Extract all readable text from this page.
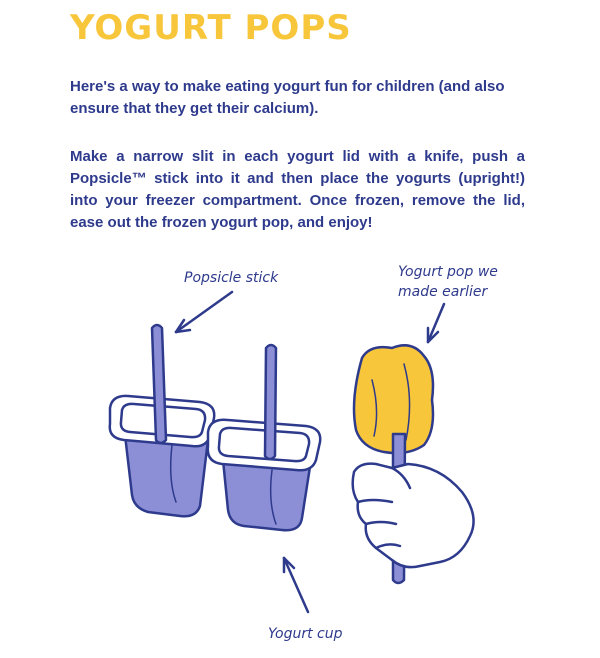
YOGURT POPS

Here's a way to make eating yogurt fun for children (and also ensure that they get their calcium).

Make a narrow slit in each yogurt lid with a knife, push a Popsicle™ stick into it and then place the yogurts (upright!) into your freezer compartment. Once frozen, remove the lid, ease out the frozen yogurt pop, and enjoy!

Popsicle stick	Yogurt pop we
made earlier
Yogurt cup
